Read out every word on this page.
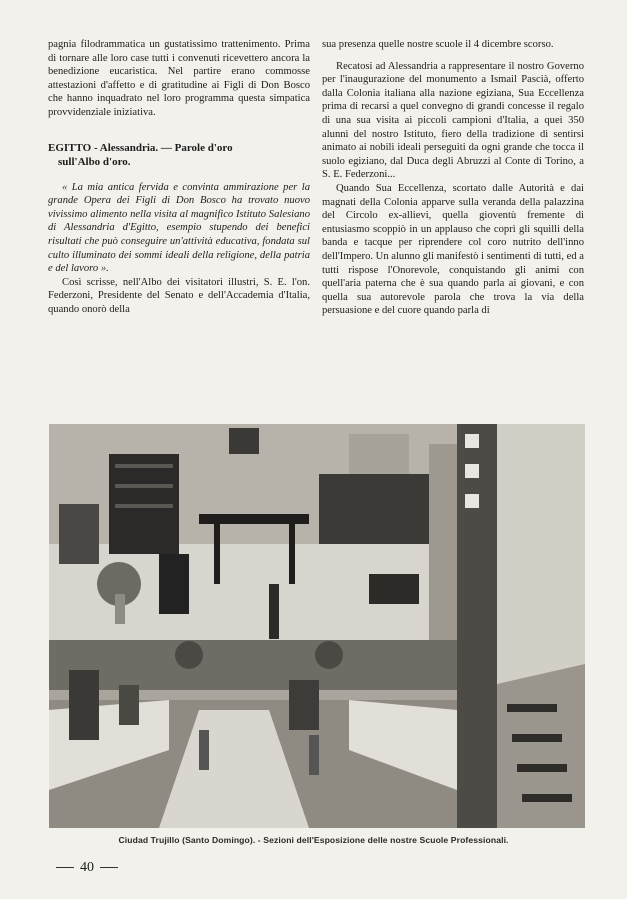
pagnia filodrammatica un gustatissimo trattenimento. Prima di tornare alle loro case tutti i convenuti ricevettero ancora la benedizione eucaristica. Nel partire erano commosse attestazioni d'affetto e di gratitudine ai Figli di Don Bosco che hanno inquadrato nel loro programma questa simpatica provvidenziale iniziativa.

EGITTO - Alessandria. — Parole d'oro
sull'Albo d'oro.

« La mia antica fervida e convinta ammirazione per la grande Opera dei Figli di Don Bosco ha trovato nuovo vivissimo alimento nella visita al magnifico Istituto Salesiano di Alessandria d'Egitto, esempio stupendo dei benefici risultati che può conseguire un'attività educativa, fondata sul culto illuminato dei sommi ideali della religione, della patria e del lavoro ».

Così scrisse, nell'Albo dei visitatori illustri, S. E. l'on. Federzoni, Presidente del Senato e dell'Accademia d'Italia, quando onorò della

sua presenza quelle nostre scuole il 4 dicembre scorso.

Recatosi ad Alessandria a rappresentare il nostro Governo per l'inaugurazione del monumento a Ismail Pascià, offerto dalla Colonia italiana alla nazione egiziana, Sua Eccellenza prima di recarsi a quel convegno di grandi concesse il regalo di una sua visita ai piccoli campioni d'Italia, a quei 350 alunni del nostro Istituto, fiero della tradizione di sentirsi animato ai nobili ideali perseguiti da ogni grande che tocca il suolo egiziano, dal Duca degli Abruzzi al Conte di Torino, a S. E. Federzoni...

Quando Sua Eccellenza, scortato dalle Autorità e dai magnati della Colonia apparve sulla veranda della palazzina del Circolo ex-allievi, quella gioventù fremente di entusiasmo scoppiò in un applauso che coprì gli squilli della banda e tacque per riprendere col coro nutrito dell'inno dell'Impero. Un alunno gli manifestò i sentimenti di tutti, ed a tutti rispose l'Onorevole, conquistando gli animi con quell'aria paterna che è sua quando parla ai giovani, e con quella sua autorevole parola che trova la via della persuasione e del cuore quando parla di

Ciudad Trujillo (Santo Domingo). - Sezioni dell'Esposizione delle nostre Scuole Professionali.
40
